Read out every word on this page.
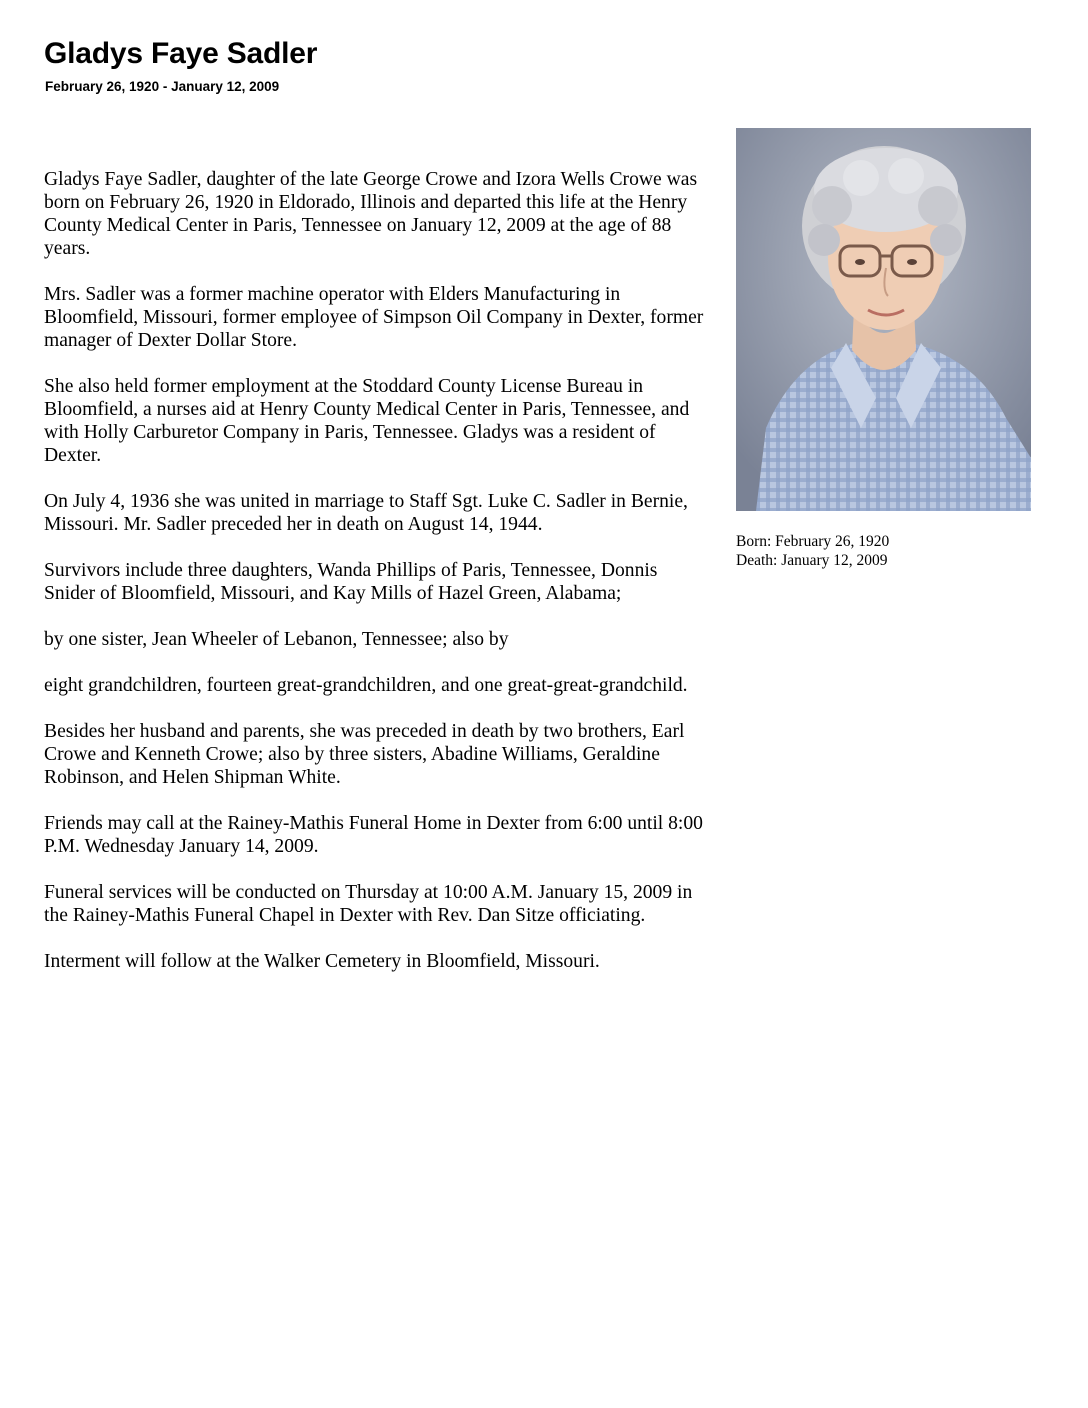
Gladys Faye Sadler
February 26, 1920 - January 12, 2009

Gladys Faye Sadler, daughter of the late George Crowe and Izora Wells Crowe was born on February 26, 1920 in Eldorado, Illinois and departed this life at the Henry County Medical Center in Paris, Tennessee on January 12, 2009 at the age of 88 years.

Mrs. Sadler was a former machine operator with Elders Manufacturing in Bloomfield, Missouri, former employee of Simpson Oil Company in Dexter, former manager of Dexter Dollar Store.

She also held former employment at the Stoddard County License Bureau in Bloomfield, a nurses aid at Henry County Medical Center in Paris, Tennessee, and with Holly Carburetor Company in Paris, Tennessee. Gladys was a resident of Dexter.

On July 4, 1936 she was united in marriage to Staff Sgt. Luke C. Sadler in Bernie, Missouri. Mr. Sadler preceded her in death on August 14, 1944.

Survivors include three daughters, Wanda Phillips of Paris, Tennessee, Donnis Snider of Bloomfield, Missouri, and Kay Mills of Hazel Green, Alabama;

by one sister, Jean Wheeler of Lebanon, Tennessee; also by

eight grandchildren, fourteen great-grandchildren, and one great-great-grandchild.

Besides her husband and parents, she was preceded in death by two brothers, Earl Crowe and Kenneth Crowe; also by three sisters, Abadine Williams, Geraldine Robinson, and Helen Shipman White.

Friends may call at the Rainey-Mathis Funeral Home in Dexter from 6:00 until 8:00 P.M. Wednesday January 14, 2009.

Funeral services will be conducted on Thursday at 10:00 A.M. January 15, 2009 in the Rainey-Mathis Funeral Chapel in Dexter with Rev. Dan Sitze officiating.

Interment will follow at the Walker Cemetery in Bloomfield, Missouri.

Born: February 26, 1920
Death: January 12, 2009
